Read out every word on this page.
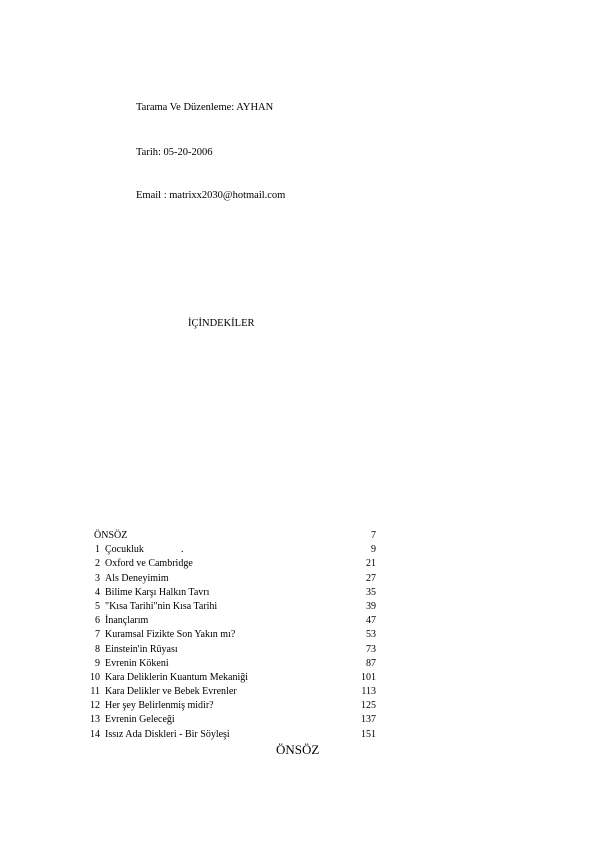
Tarama Ve Düzenleme: AYHAN
Tarih: 05-20-2006
Email : matrixx2030@hotmail.com
İÇİNDEKİLER
ÖNSÖZ	7
1 Çocukluk	.	9
2 Oxford ve Cambridge	21
3 Als Deneyimim	27
4 Bilime Karşı Halkın Tavrı	35
5 "Kısa Tarihi"nin Kısa Tarihi	39
6 İnançlarım	47
7 Kuramsal Fizikte Son Yakın mı?	53
8 Einstein'in Rüyası	73
9 Evrenin Kökeni	87
10 Kara Deliklerin Kuantum Mekaniği	101
11 Kara Delikler ve Bebek Evrenler	113
12 Her şey Belirlenmiş midir?	125
13 Evrenin Geleceği	137
14 Issız Ada Diskleri - Bir Söyleşi	151
ÖNSÖZ
